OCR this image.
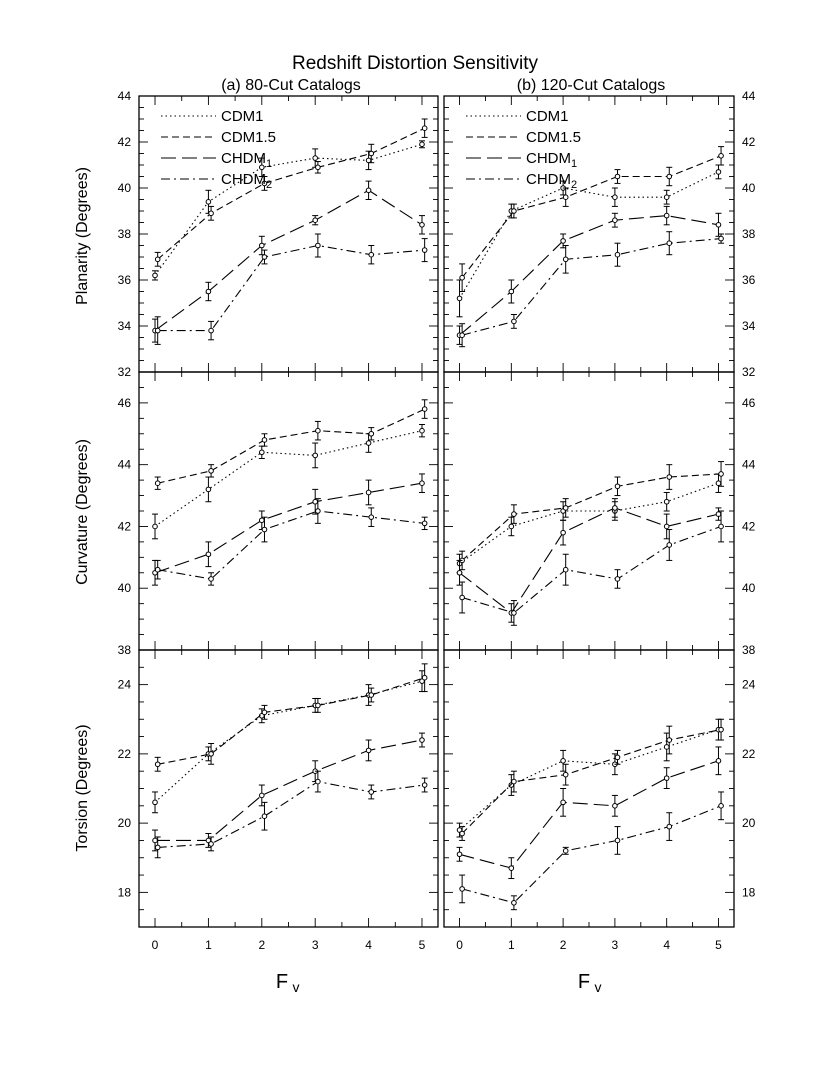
Redshift Distortion Sensitivity
(a) 80-Cut Catalogs	(b) 120-Cut Catalogs
Planarity (Degrees)
Curvature (Degrees)
Torsion (Degrees)
F v	F v
32
34
36
38
40
42
44
CDM1
CDM1.5
$CHDM_1$
$CHDM_2$
32
34
36
38
40
42
44
CDM1
CDM1.5
$CHDM_1$
$CHDM_2$
38
40
42
44
46
38
40
42
44
46
0	1	2	3	4	5
18
20
22
24
0	1	2	3	4	5
18
20
22
24
